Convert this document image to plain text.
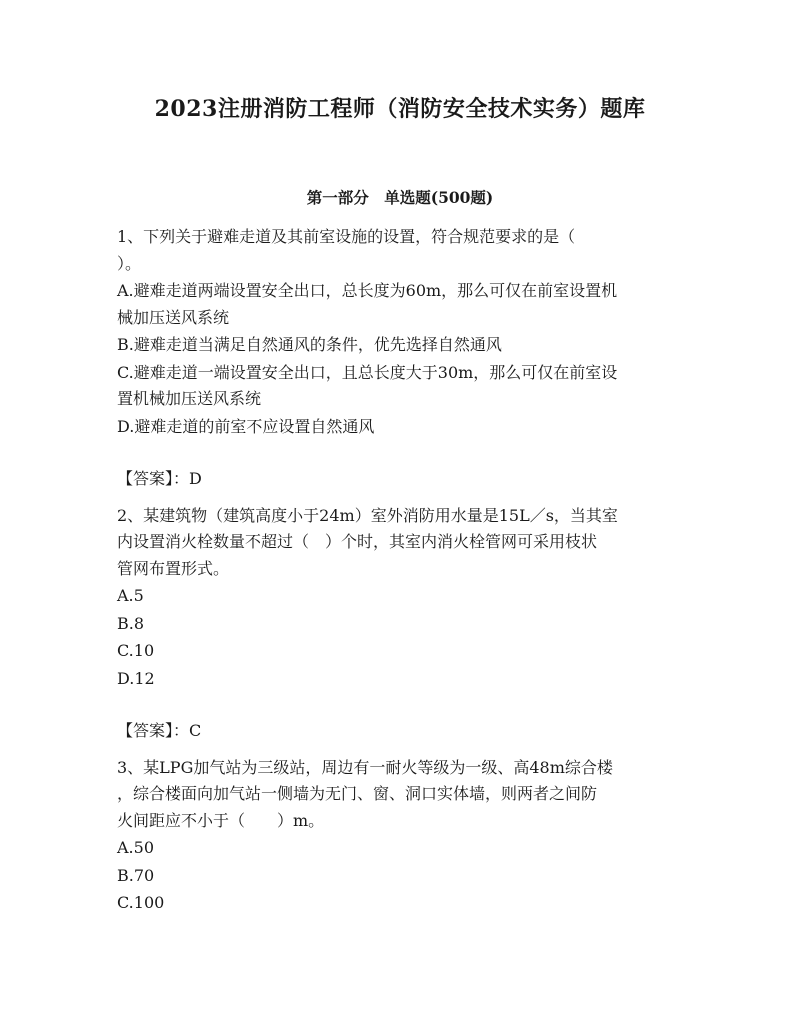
2023注册消防工程师（消防安全技术实务）题库
第一部分　单选题(500题)

1、下列关于避难走道及其前室设施的设置，符合规范要求的是（

）。

A.避难走道两端设置安全出口，总长度为60m，那么可仅在前室设置机

械加压送风系统

B.避难走道当满足自然通风的条件，优先选择自然通风

C.避难走道一端设置安全出口，且总长度大于30m，那么可仅在前室设

置机械加压送风系统

D.避难走道的前室不应设置自然通风

【答案】：D

2、某建筑物（建筑高度小于24m）室外消防用水量是15L／s，当其室

内设置消火栓数量不超过（　）个时，其室内消火栓管网可采用枝状

管网布置形式。

A.5

B.8

C.10

D.12

【答案】：C

3、某LPG加气站为三级站，周边有一耐火等级为一级、高48m综合楼

，综合楼面向加气站一侧墙为无门、窗、洞口实体墙，则两者之间防

火间距应不小于（　　）m。

A.50

B.70

C.100
